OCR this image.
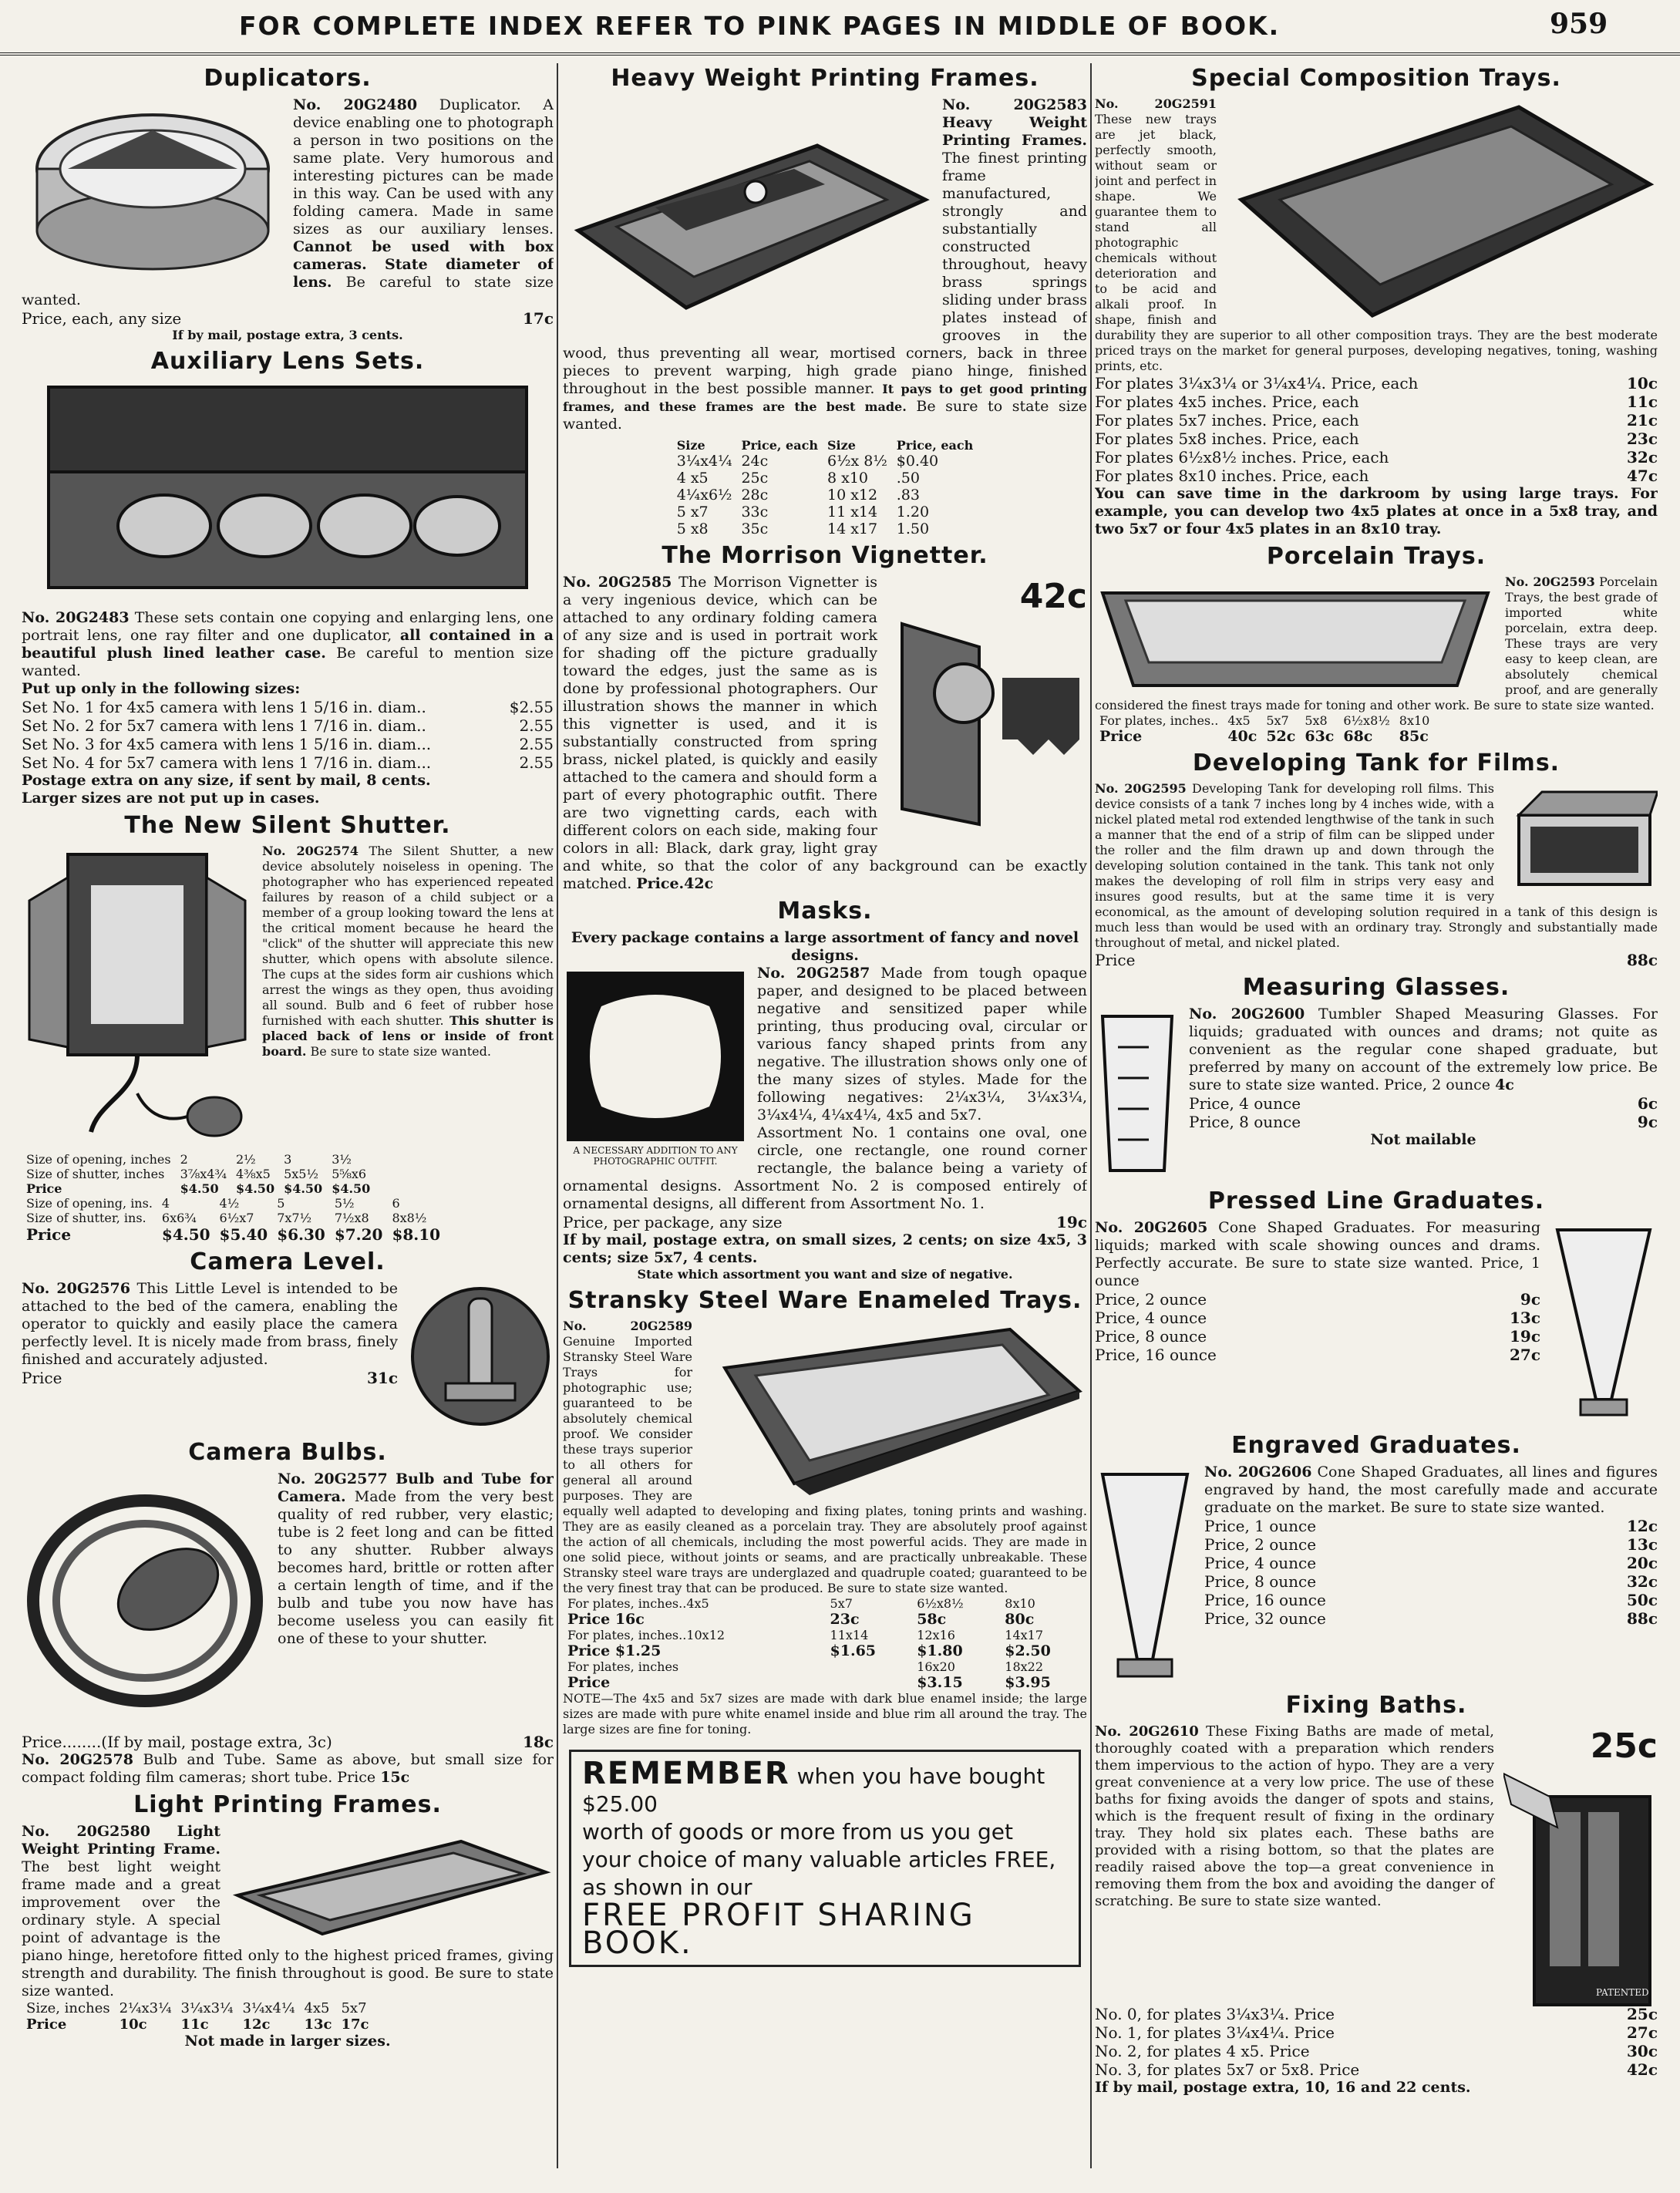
FOR COMPLETE INDEX REFER TO PINK PAGES IN MIDDLE OF BOOK.	959
Duplicators.

No. 20G2480 Duplicator. A device enabling one to photograph a person in two positions on the same plate. Very humorous and interesting pictures can be made in this way. Can be used with any folding camera. Made in same sizes as our auxiliary lenses. Cannot be used with box cameras. State diameter of lens. Be careful to state size wanted.

Price, each, any size	17c

If by mail, postage extra, 3 cents.

Auxiliary Lens Sets.

No. 20G2483 These sets contain one copying and enlarging lens, one portrait lens, one ray filter and one duplicator, all contained in a beautiful plush lined leather case. Be careful to mention size wanted.

Put up only in the following sizes:

Set No. 1 for 4x5 camera with lens 1 5/16 in. diam..	$2.55
Set No. 2 for 5x7 camera with lens 1 7/16 in. diam..	2.55
Set No. 3 for 4x5 camera with lens 1 5/16 in. diam...	2.55
Set No. 4 for 5x7 camera with lens 1 7/16 in. diam...	2.55

Postage extra on any size, if sent by mail, 8 cents.

Larger sizes are not put up in cases.

The New Silent Shutter.

No. 20G2574 The Silent Shutter, a new device absolutely noiseless in opening. The photographer who has experienced repeated failures by reason of a child subject or a member of a group looking toward the lens at the critical moment because he heard the "click" of the shutter will appreciate this new shutter, which opens with absolute silence. The cups at the sides form air cushions which arrest the wings as they open, thus avoiding all sound. Bulb and 6 feet of rubber hose furnished with each shutter. This shutter is placed back of lens or inside of front board. Be sure to state size wanted.

Size of opening, inches	2	2½	3	3½
Size of shutter, inches	3⅞x4¾	4⅜x5	5x5½	5⅝x6
Price	$4.50	$4.50	$4.50	$4.50
Size of opening, ins.	4	4½	5	5½	6
Size of shutter, ins.	6x6¾	6½x7	7x7½	7½x8	8x8½
Price	$4.50	$5.40	$6.30	$7.20	$8.10
Camera Level.

No. 20G2576 This Little Level is intended to be attached to the bed of the camera, enabling the operator to quickly and easily place the camera perfectly level. It is nicely made from brass, finely finished and accurately adjusted.

Price	31c
Camera Bulbs.

No. 20G2577 Bulb and Tube for Camera. Made from the very best quality of red rubber, very elastic; tube is 2 feet long and can be fitted to any shutter. Rubber always becomes hard, brittle or rotten after a certain length of time, and if the bulb and tube you now have has become useless you can easily fit one of these to your shutter.

Price........(If by mail, postage extra, 3c)	18c

No. 20G2578 Bulb and Tube. Same as above, but small size for compact folding film cameras; short tube. Price 15c

Light Printing Frames.

No. 20G2580 Light Weight Printing Frame. The best light weight frame made and a great improvement over the ordinary style. A special point of advantage is the piano hinge, heretofore fitted only to the highest priced frames, giving strength and durability. The finish throughout is good. Be sure to state size wanted.

Size, inches	2¼x3¼	3¼x3¼	3¼x4¼	4x5	5x7
Price	10c	11c	12c	13c	17c

Not made in larger sizes.

Heavy Weight Printing Frames.

No. 20G2583 Heavy Weight Printing Frames. The finest printing frame manufactured, strongly and substantially constructed throughout, heavy brass springs sliding under brass plates instead of grooves in the wood, thus preventing all wear, mortised corners, back in three pieces to prevent warping, high grade piano hinge, finished throughout in the best possible manner. It pays to get good printing frames, and these frames are the best made. Be sure to state size wanted.

Size	Price, each	Size	Price, each
3¼x4¼	24c	6½x 8½	$0.40
4 x5	25c	8 x10	.50
4¼x6½	28c	10 x12	.83
5 x7	33c	11 x14	1.20
5 x8	35c	14 x17	1.50
The Morrison Vignetter.
42c

No. 20G2585 The Morrison Vignetter is a very ingenious device, which can be attached to any ordinary folding camera of any size and is used in portrait work for shading off the picture gradually toward the edges, just the same as is done by professional photographers. Our illustration shows the manner in which this vignetter is used, and it is substantially constructed from spring brass, nickel plated, is quickly and easily attached to the camera and should form a part of every photographic outfit. There are two vignetting cards, each with different colors on each side, making four colors in all: Black, dark gray, light gray and white, so that the color of any background can be exactly matched. Price.42c

Masks.

Every package contains a large assortment of fancy and novel designs.

A NECESSARY ADDITION TO ANY PHOTOGRAPHIC OUTFIT.

No. 20G2587 Made from tough opaque paper, and designed to be placed between negative and sensitized paper while printing, thus producing oval, circular or various fancy shaped prints from any negative. The illustration shows only one of the many sizes of styles. Made for the following negatives: 2¼x3¼, 3¼x3¼, 3¼x4¼, 4¼x4¼, 4x5 and 5x7.

Assortment No. 1 contains one oval, one circle, one rectangle, one round corner rectangle, the balance being a variety of ornamental designs. Assortment No. 2 is composed entirely of ornamental designs, all different from Assortment No. 1.

Price, per package, any size	19c

If by mail, postage extra, on small sizes, 2 cents; on size 4x5, 3 cents; size 5x7, 4 cents.

State which assortment you want and size of negative.

Stransky Steel Ware Enameled Trays.

No. 20G2589 Genuine Imported Stransky Steel Ware Trays for photographic use; guaranteed to be absolutely chemical proof. We consider these trays superior to all others for general all around purposes. They are equally well adapted to developing and fixing plates, toning prints and washing. They are as easily cleaned as a porcelain tray. They are absolutely proof against the action of all chemicals, including the most powerful acids. They are made in one solid piece, without joints or seams, and are practically unbreakable. These Stransky steel ware trays are underglazed and quadruple coated; guaranteed to be the very finest tray that can be produced. Be sure to state size wanted.

For plates, inches..4x5	5x7	6½x8½	8x10
Price 16c	23c	58c	80c
For plates, inches..10x12	11x14	12x16	14x17
Price $1.25	$1.65	$1.80	$2.50
For plates, inches		16x20	18x22
Price		$3.15	$3.95

NOTE—The 4x5 and 5x7 sizes are made with dark blue enamel inside; the large sizes are made with pure white enamel inside and blue rim all around the tray. The large sizes are fine for toning.

REMEMBER when you have bought $25.00
worth of goods or more from us you get your choice of many valuable articles FREE, as shown in our
FREE PROFIT SHARING BOOK.
Special Composition Trays.

No. 20G2591 These new trays are jet black, perfectly smooth, without seam or joint and perfect in shape. We guarantee them to stand all photographic chemicals without deterioration and to be acid and alkali proof. In shape, finish and durability they are superior to all other composition trays. They are the best moderate priced trays on the market for general purposes, developing negatives, toning, washing prints, etc.

For plates 3¼x3¼ or 3¼x4¼. Price, each	10c
For plates 4x5 inches. Price, each	11c
For plates 5x7 inches. Price, each	21c
For plates 5x8 inches. Price, each	23c
For plates 6½x8½ inches. Price, each	32c
For plates 8x10 inches. Price, each	47c

You can save time in the darkroom by using large trays. For example, you can develop two 4x5 plates at once in a 5x8 tray, and two 5x7 or four 4x5 plates in an 8x10 tray.

Porcelain Trays.

No. 20G2593 Porcelain Trays, the best grade of imported white porcelain, extra deep. These trays are very easy to keep clean, are absolutely chemical proof, and are generally considered the finest trays made for toning and other work. Be sure to state size wanted.

For plates, inches..	4x5	5x7	5x8	6½x8½	8x10
Price	40c	52c	63c	68c	85c
Developing Tank for Films.

No. 20G2595 Developing Tank for developing roll films. This device consists of a tank 7 inches long by 4 inches wide, with a nickel plated metal rod extended lengthwise of the tank in such a manner that the end of a strip of film can be slipped under the roller and the film drawn up and down through the developing solution contained in the tank. This tank not only makes the developing of roll film in strips very easy and insures good results, but at the same time it is very economical, as the amount of developing solution required in a tank of this design is much less than would be used with an ordinary tray. Strongly and substantially made throughout of metal, and nickel plated.

Price	88c
Measuring Glasses.

No. 20G2600 Tumbler Shaped Measuring Glasses. For liquids; graduated with ounces and drams; not quite as convenient as the regular cone shaped graduate, but preferred by many on account of the extremely low price. Be sure to state size wanted. Price, 2 ounce 4c

Price, 4 ounce	6c
Price, 8 ounce	9c

Not mailable

Pressed Line Graduates.

No. 20G2605 Cone Shaped Graduates. For measuring liquids; marked with scale showing ounces and drams. Perfectly accurate. Be sure to state size wanted. Price, 1 ounce

Price, 2 ounce	9c
Price, 4 ounce	13c
Price, 8 ounce	19c
Price, 16 ounce	27c
Engraved Graduates.

No. 20G2606 Cone Shaped Graduates, all lines and figures engraved by hand, the most carefully made and accurate graduate on the market. Be sure to state size wanted.

Price, 1 ounce	12c
Price, 2 ounce	13c
Price, 4 ounce	20c
Price, 8 ounce	32c
Price, 16 ounce	50c
Price, 32 ounce	88c
Fixing Baths.
25c
PATENTED

No. 20G2610 These Fixing Baths are made of metal, thoroughly coated with a preparation which renders them impervious to the action of hypo. They are a very great convenience at a very low price. The use of these baths for fixing avoids the danger of spots and stains, which is the frequent result of fixing in the ordinary tray. They hold six plates each. These baths are provided with a rising bottom, so that the plates are readily raised above the top—a great convenience in removing them from the box and avoiding the danger of scratching. Be sure to state size wanted.

No. 0, for plates 3¼x3¼. Price	25c
No. 1, for plates 3¼x4¼. Price	27c
No. 2, for plates 4 x5. Price	30c
No. 3, for plates 5x7 or 5x8. Price	42c

If by mail, postage extra, 10, 16 and 22 cents.
